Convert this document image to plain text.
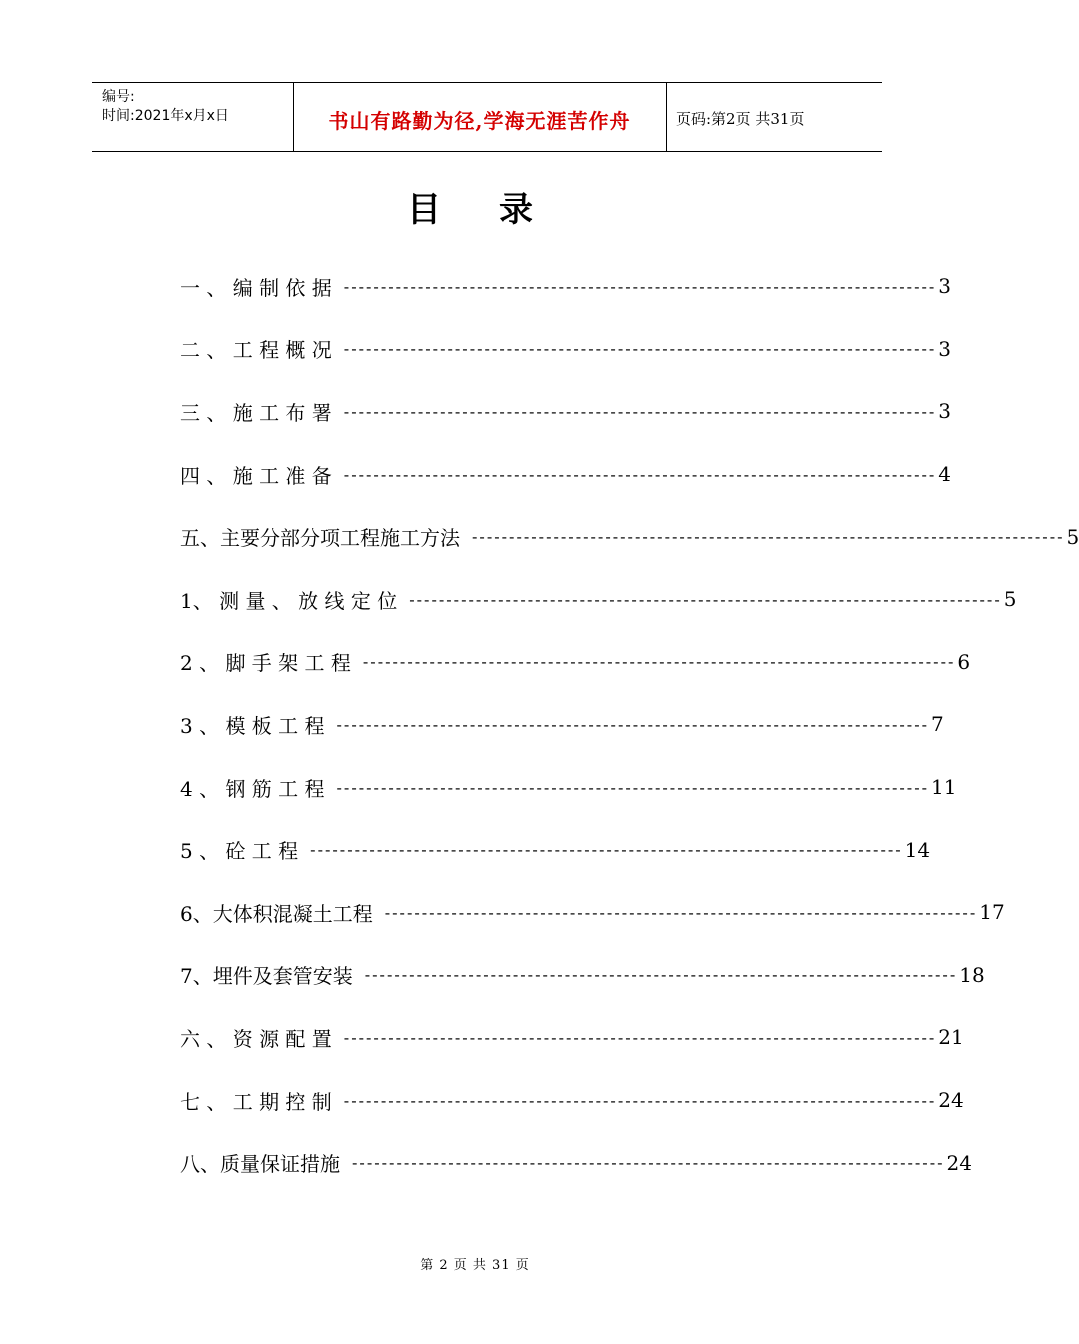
编号:
时间:2021年x月x日	书山有路勤为径,学海无涯苦作舟	页码:第2页 共31页
目录
一 、 编 制 依 据 -------------------------------------------------------------------------------- 3
二 、 工 程 概 况 -------------------------------------------------------------------------------- 3
三 、 施 工 布 署 -------------------------------------------------------------------------------- 3
四 、 施 工 准 备 -------------------------------------------------------------------------------- 4
五、主要分部分项工程施工方法 -------------------------------------------------------------------------------- 5
1、 测 量 、 放 线 定 位 -------------------------------------------------------------------------------- 5
2 、 脚 手 架 工 程 -------------------------------------------------------------------------------- 6
3 、 模 板 工 程 -------------------------------------------------------------------------------- 7
4 、 钢 筋 工 程 -------------------------------------------------------------------------------- 11
5 、 砼 工 程 -------------------------------------------------------------------------------- 14
6、大体积混凝土工程 -------------------------------------------------------------------------------- 17
7、埋件及套管安装 -------------------------------------------------------------------------------- 18
六 、 资 源 配 置 -------------------------------------------------------------------------------- 21
七 、 工 期 控 制 -------------------------------------------------------------------------------- 24
八、质量保证措施 -------------------------------------------------------------------------------- 24
第 2 页 共 31 页
